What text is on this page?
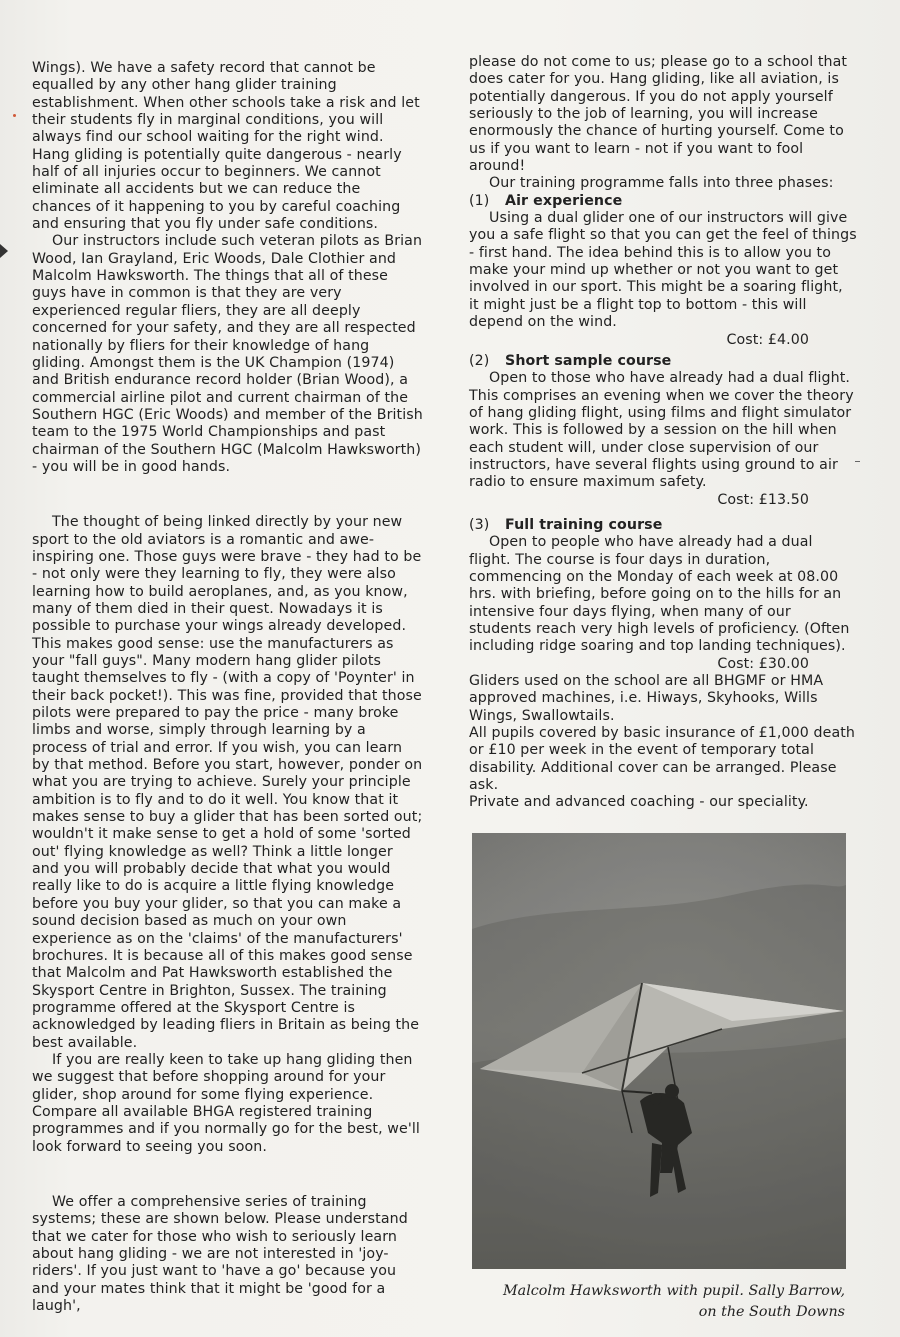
Wings). We have a safety record that cannot be equalled by any other hang glider training establishment. When other schools take a risk and let their students fly in marginal conditions, you will always find our school waiting for the right wind. Hang gliding is potentially quite dangerous - nearly half of all injuries occur to beginners. We cannot eliminate all accidents but we can reduce the chances of it happening to you by careful coaching and ensuring that you fly under safe conditions.

Our instructors include such veteran pilots as Brian Wood, Ian Grayland, Eric Woods, Dale Clothier and Malcolm Hawksworth. The things that all of these guys have in common is that they are very experienced regular fliers, they are all deeply concerned for your safety, and they are all respected nationally by fliers for their knowledge of hang gliding. Amongst them is the UK Champion (1974) and British endurance record holder (Brian Wood), a commercial airline pilot and current chairman of the Southern HGC (Eric Woods) and member of the British team to the 1975 World Championships and past chairman of the Southern HGC (Malcolm Hawksworth) - you will be in good hands.

The thought of being linked directly by your new sport to the old aviators is a romantic and awe-inspiring one. Those guys were brave - they had to be - not only were they learning to fly, they were also learning how to build aeroplanes, and, as you know, many of them died in their quest. Nowadays it is possible to purchase your wings already developed. This makes good sense: use the manufacturers as your "fall guys". Many modern hang glider pilots taught themselves to fly - (with a copy of 'Poynter' in their back pocket!). This was fine, provided that those pilots were prepared to pay the price - many broke limbs and worse, simply through learning by a process of trial and error. If you wish, you can learn by that method. Before you start, however, ponder on what you are trying to achieve. Surely your principle ambition is to fly and to do it well. You know that it makes sense to buy a glider that has been sorted out; wouldn't it make sense to get a hold of some 'sorted out' flying knowledge as well? Think a little longer and you will probably decide that what you would really like to do is acquire a little flying knowledge before you buy your glider, so that you can make a sound decision based as much on your own experience as on the 'claims' of the manufacturers' brochures. It is because all of this makes good sense that Malcolm and Pat Hawksworth established the Skysport Centre in Brighton, Sussex. The training programme offered at the Skysport Centre is acknowledged by leading fliers in Britain as being the best available.

If you are really keen to take up hang gliding then we suggest that before shopping around for your glider, shop around for some flying experience. Compare all available BHGA registered training programmes and if you normally go for the best, we'll look forward to seeing you soon.

We offer a comprehensive series of training systems; these are shown below. Please understand that we cater for those who wish to seriously learn about hang gliding - we are not interested in 'joy-riders'. If you just want to 'have a go' because you and your mates think that it might be 'good for a laugh',

please do not come to us; please go to a school that does cater for you. Hang gliding, like all aviation, is potentially dangerous. If you do not apply yourself seriously to the job of learning, you will increase enormously the chance of hurting yourself. Come to us if you want to learn - not if you want to fool around!

Our training programme falls into three phases:

(1) Air experience

Using a dual glider one of our instructors will give you a safe flight so that you can get the feel of things - first hand. The idea behind this is to allow you to make your mind up whether or not you want to get involved in our sport. This might be a soaring flight, it might just be a flight top to bottom - this will depend on the wind.

Cost: £4.00

(2) Short sample course

Open to those who have already had a dual flight. This comprises an evening when we cover the theory of hang gliding flight, using films and flight simulator work. This is followed by a session on the hill when each student will, under close supervision of our instructors, have several flights using ground to air radio to ensure maximum safety.

Cost: £13.50

(3) Full training course

Open to people who have already had a dual flight. The course is four days in duration, commencing on the Monday of each week at 08.00 hrs. with briefing, before going on to the hills for an intensive four days flying, when many of our students reach very high levels of proficiency. (Often including ridge soaring and top landing techniques).

Cost: £30.00

Gliders used on the school are all BHGMF or HMA approved machines, i.e. Hiways, Skyhooks, Wills Wings, Swallowtails.

All pupils covered by basic insurance of £1,000 death or £10 per week in the event of temporary total disability. Additional cover can be arranged. Please ask.

Private and advanced coaching - our speciality.

Malcolm Hawksworth with pupil. Sally Barrow,
on the South Downs
